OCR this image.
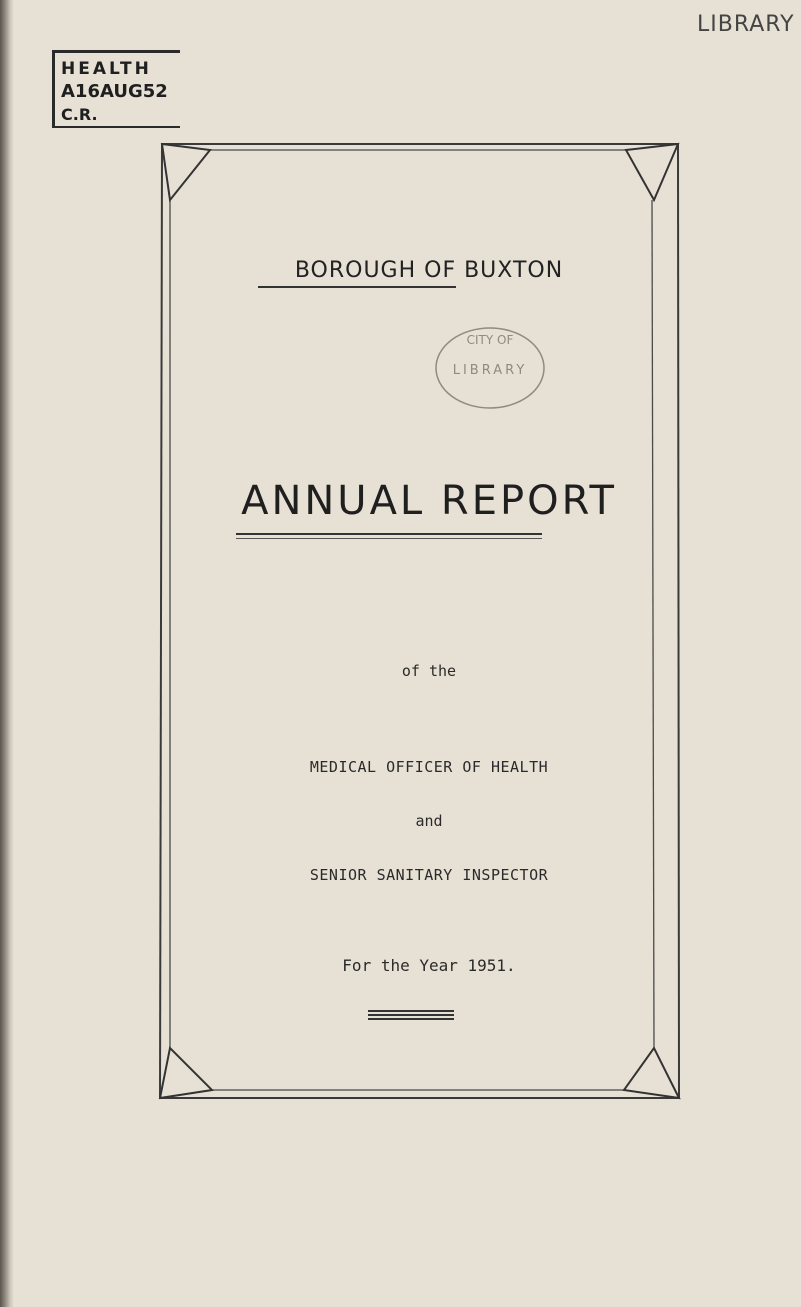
LIBRARY
HEALTH
A16AUG52
C.R.
BOROUGH OF BUXTON
CITY OF
LIBRARY
ANNUAL REPORT
of the
MEDICAL OFFICER OF HEALTH
and
SENIOR SANITARY INSPECTOR
For the Year 1951.
